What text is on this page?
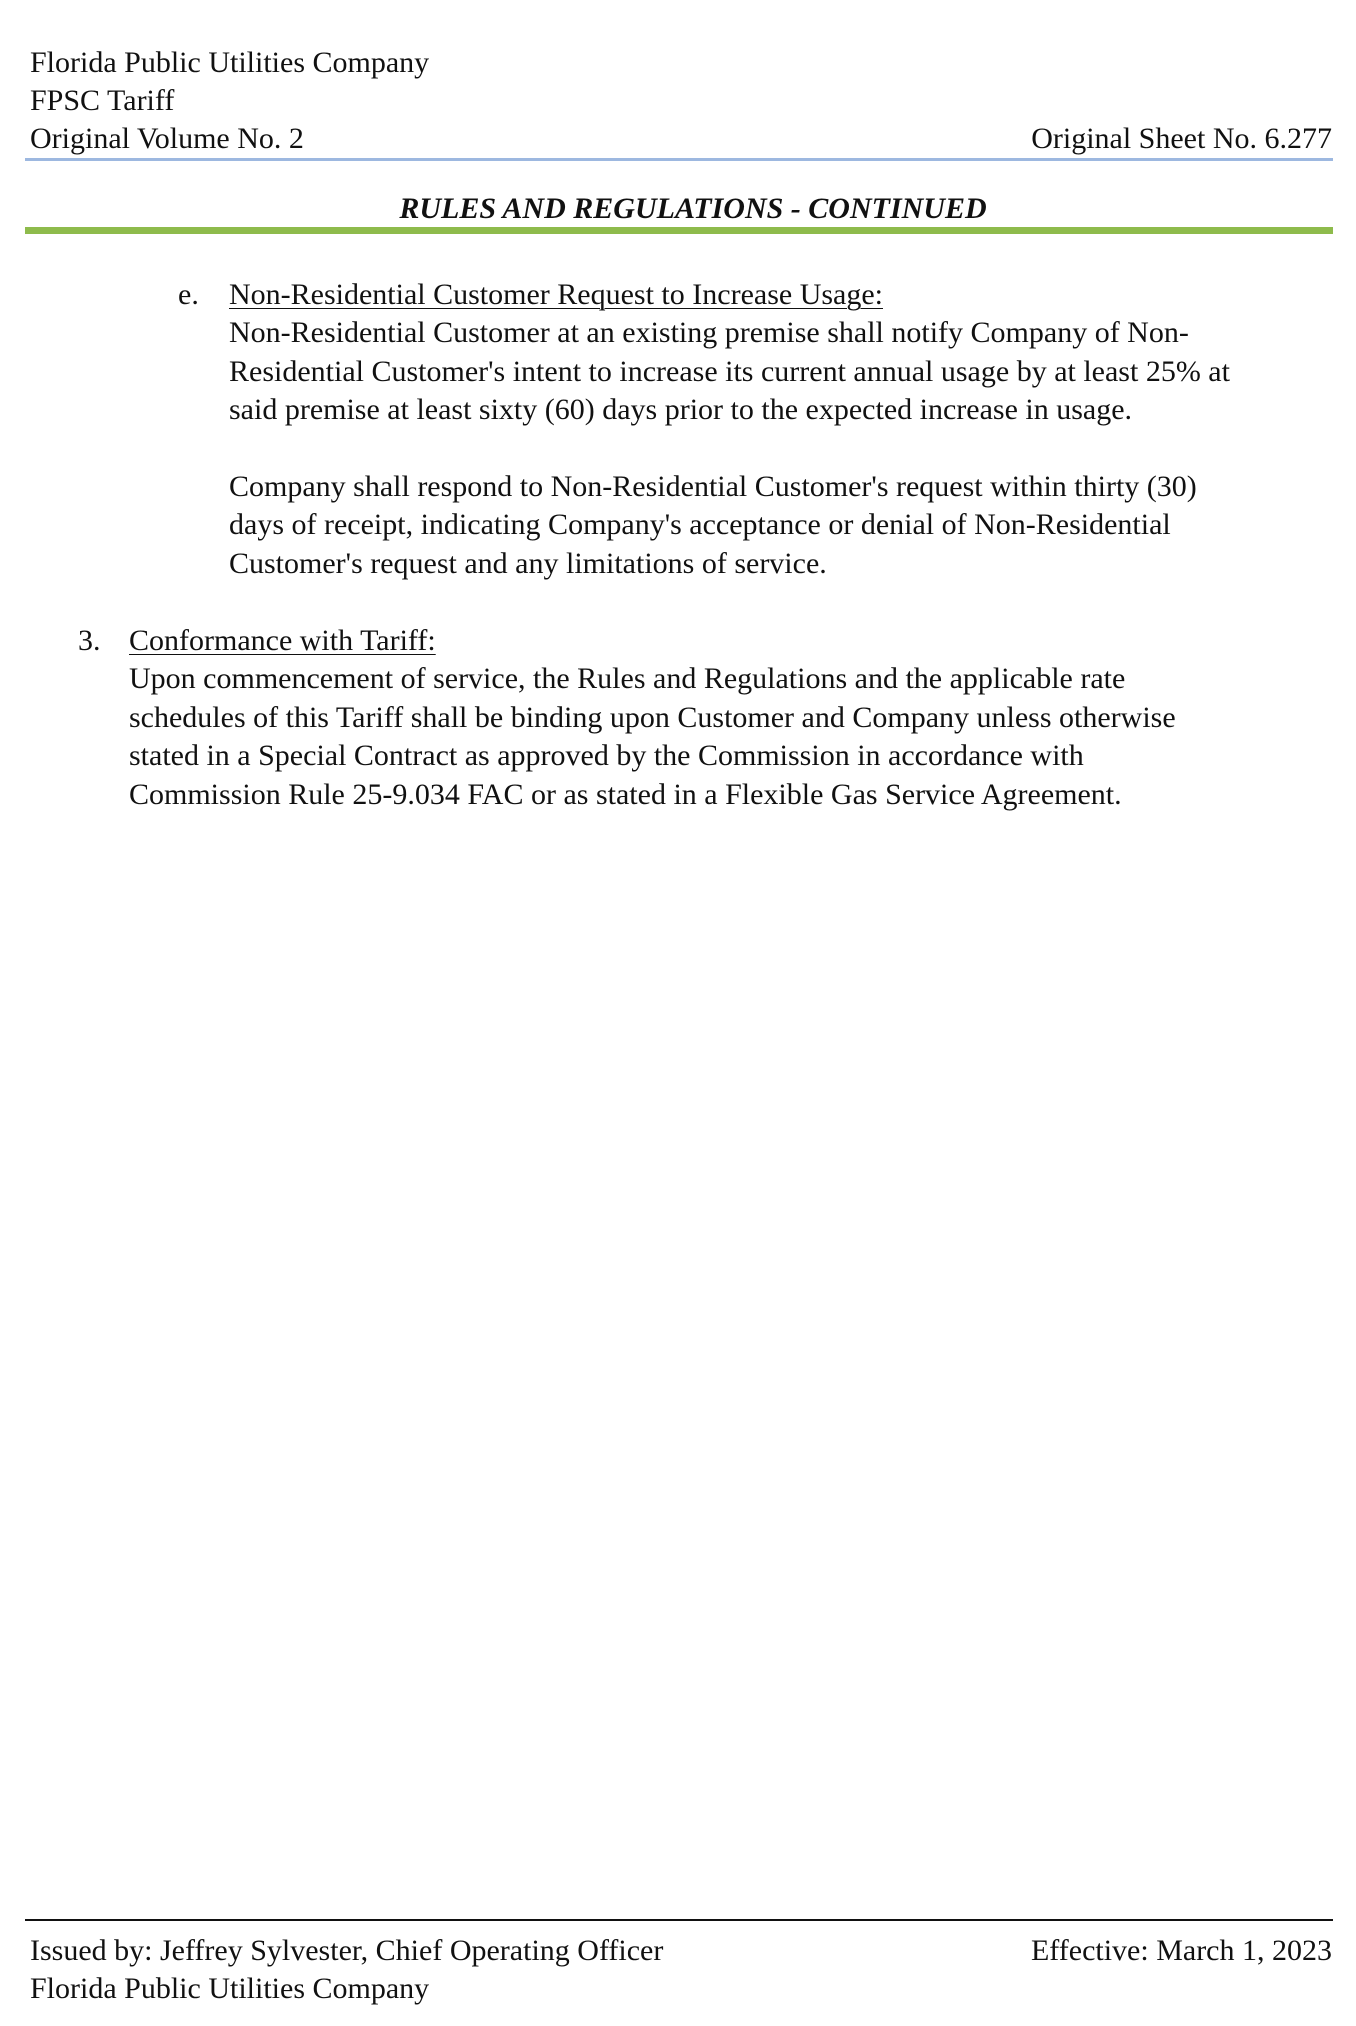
Florida Public Utilities Company
FPSC Tariff
Original Volume No. 2	Original Sheet No. 6.277
RULES AND REGULATIONS - CONTINUED
e. Non-Residential Customer Request to Increase Usage:
Non-Residential Customer at an existing premise shall notify Company of Non-
Residential Customer's intent to increase its current annual usage by at least 25% at
said premise at least sixty (60) days prior to the expected increase in usage.
Company shall respond to Non-Residential Customer's request within thirty (30)
days of receipt, indicating Company's acceptance or denial of Non-Residential
Customer's request and any limitations of service.
3. Conformance with Tariff:
Upon commencement of service, the Rules and Regulations and the applicable rate
schedules of this Tariff shall be binding upon Customer and Company unless otherwise
stated in a Special Contract as approved by the Commission in accordance with
Commission Rule 25-9.034 FAC or as stated in a Flexible Gas Service Agreement.
Issued by: Jeffrey Sylvester, Chief Operating Officer	Effective: March 1, 2023
Florida Public Utilities Company
